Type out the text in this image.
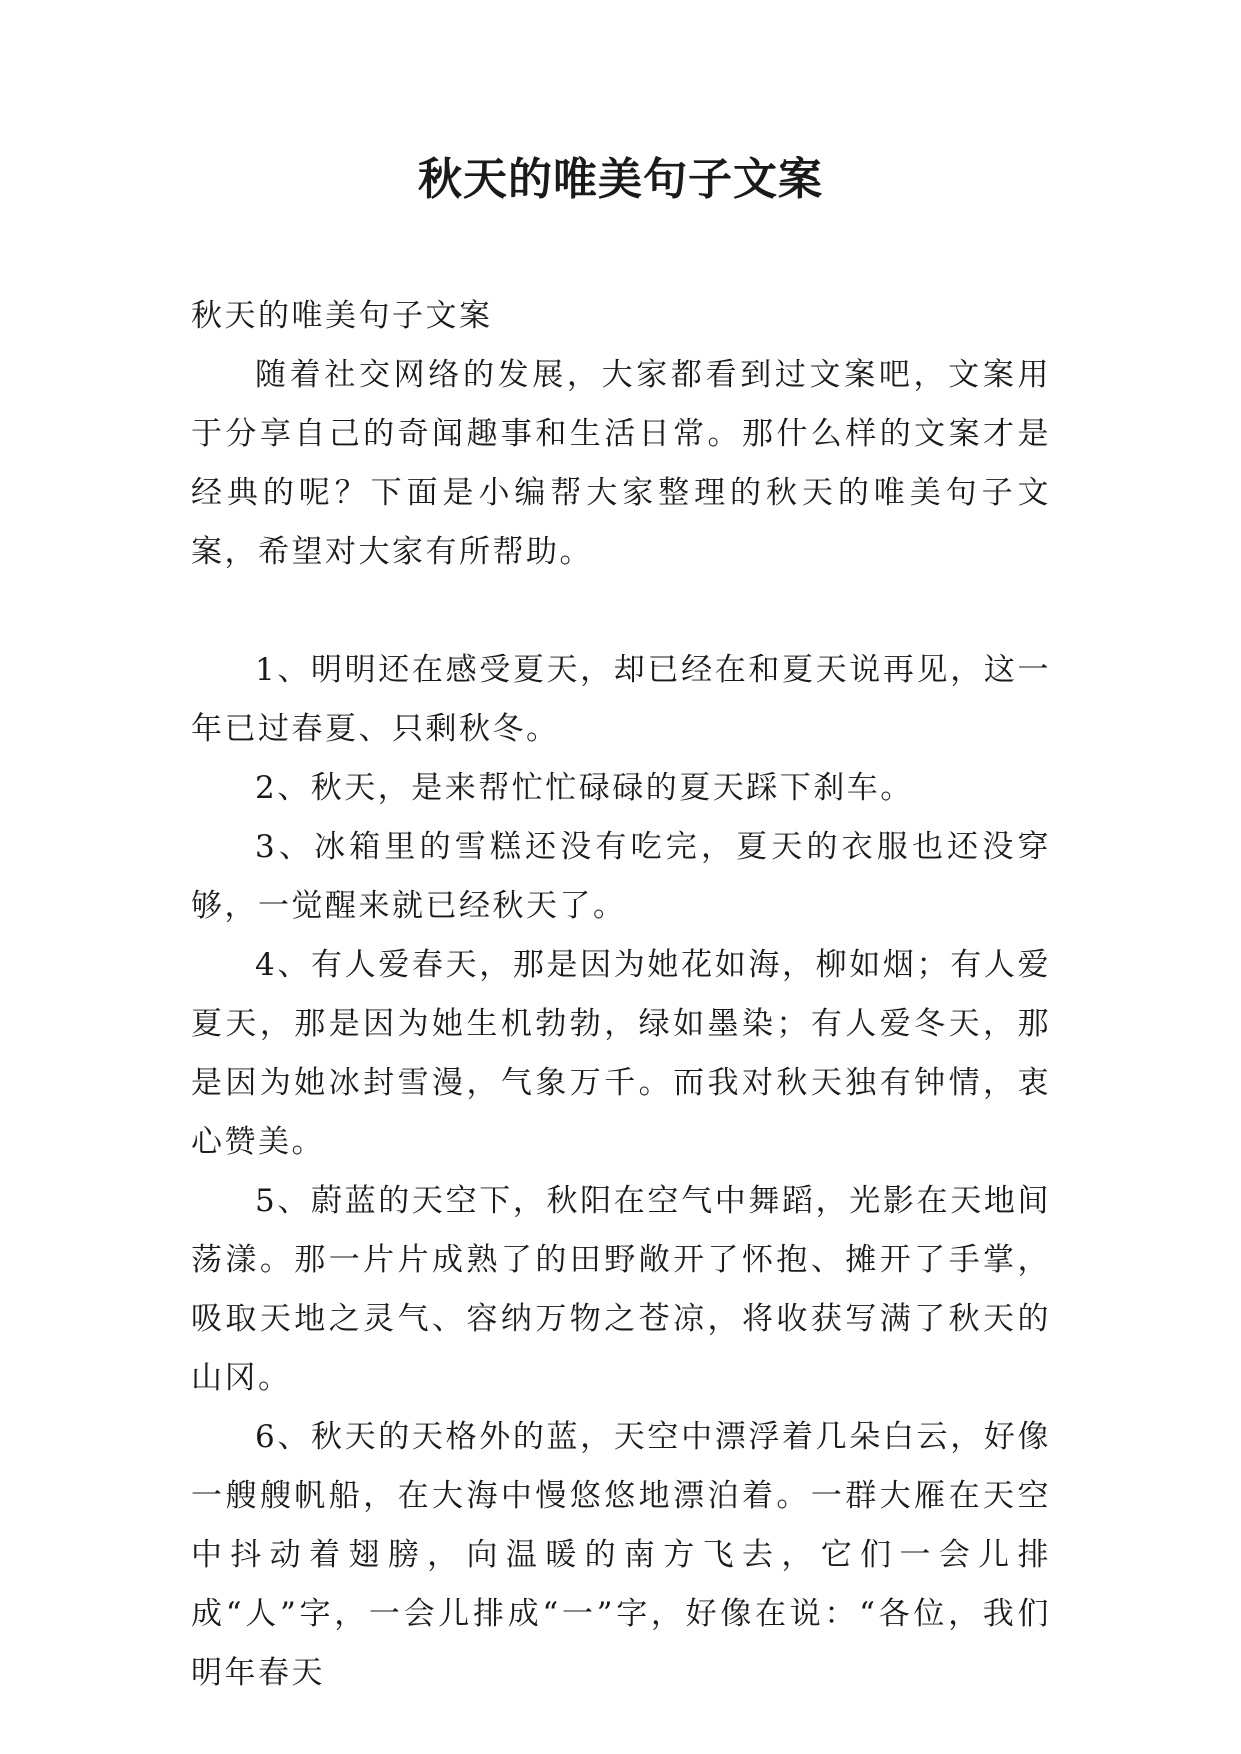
秋天的唯美句子文案

秋天的唯美句子文案

随着社交网络的发展，大家都看到过文案吧，文案用于分享自己的奇闻趣事和生活日常。那什么样的文案才是经典的呢？下面是小编帮大家整理的秋天的唯美句子文案，希望对大家有所帮助。

1、明明还在感受夏天，却已经在和夏天说再见，这一年已过春夏、只剩秋冬。

2、秋天，是来帮忙忙碌碌的夏天踩下刹车。

3、冰箱里的雪糕还没有吃完，夏天的衣服也还没穿够，一觉醒来就已经秋天了。

4、有人爱春天，那是因为她花如海，柳如烟；有人爱夏天，那是因为她生机勃勃，绿如墨染；有人爱冬天，那是因为她冰封雪漫，气象万千。而我对秋天独有钟情，衷心赞美。

5、蔚蓝的天空下，秋阳在空气中舞蹈，光影在天地间荡漾。那一片片成熟了的田野敞开了怀抱、摊开了手掌，吸取天地之灵气、容纳万物之苍凉，将收获写满了秋天的山冈。

6、秋天的天格外的蓝，天空中漂浮着几朵白云，好像一艘艘帆船，在大海中慢悠悠地漂泊着。一群大雁在天空中抖动着翅膀，向温暖的南方飞去，它们一会儿排成“人”字，一会儿排成“一”字，好像在说：“各位，我们明年春天
